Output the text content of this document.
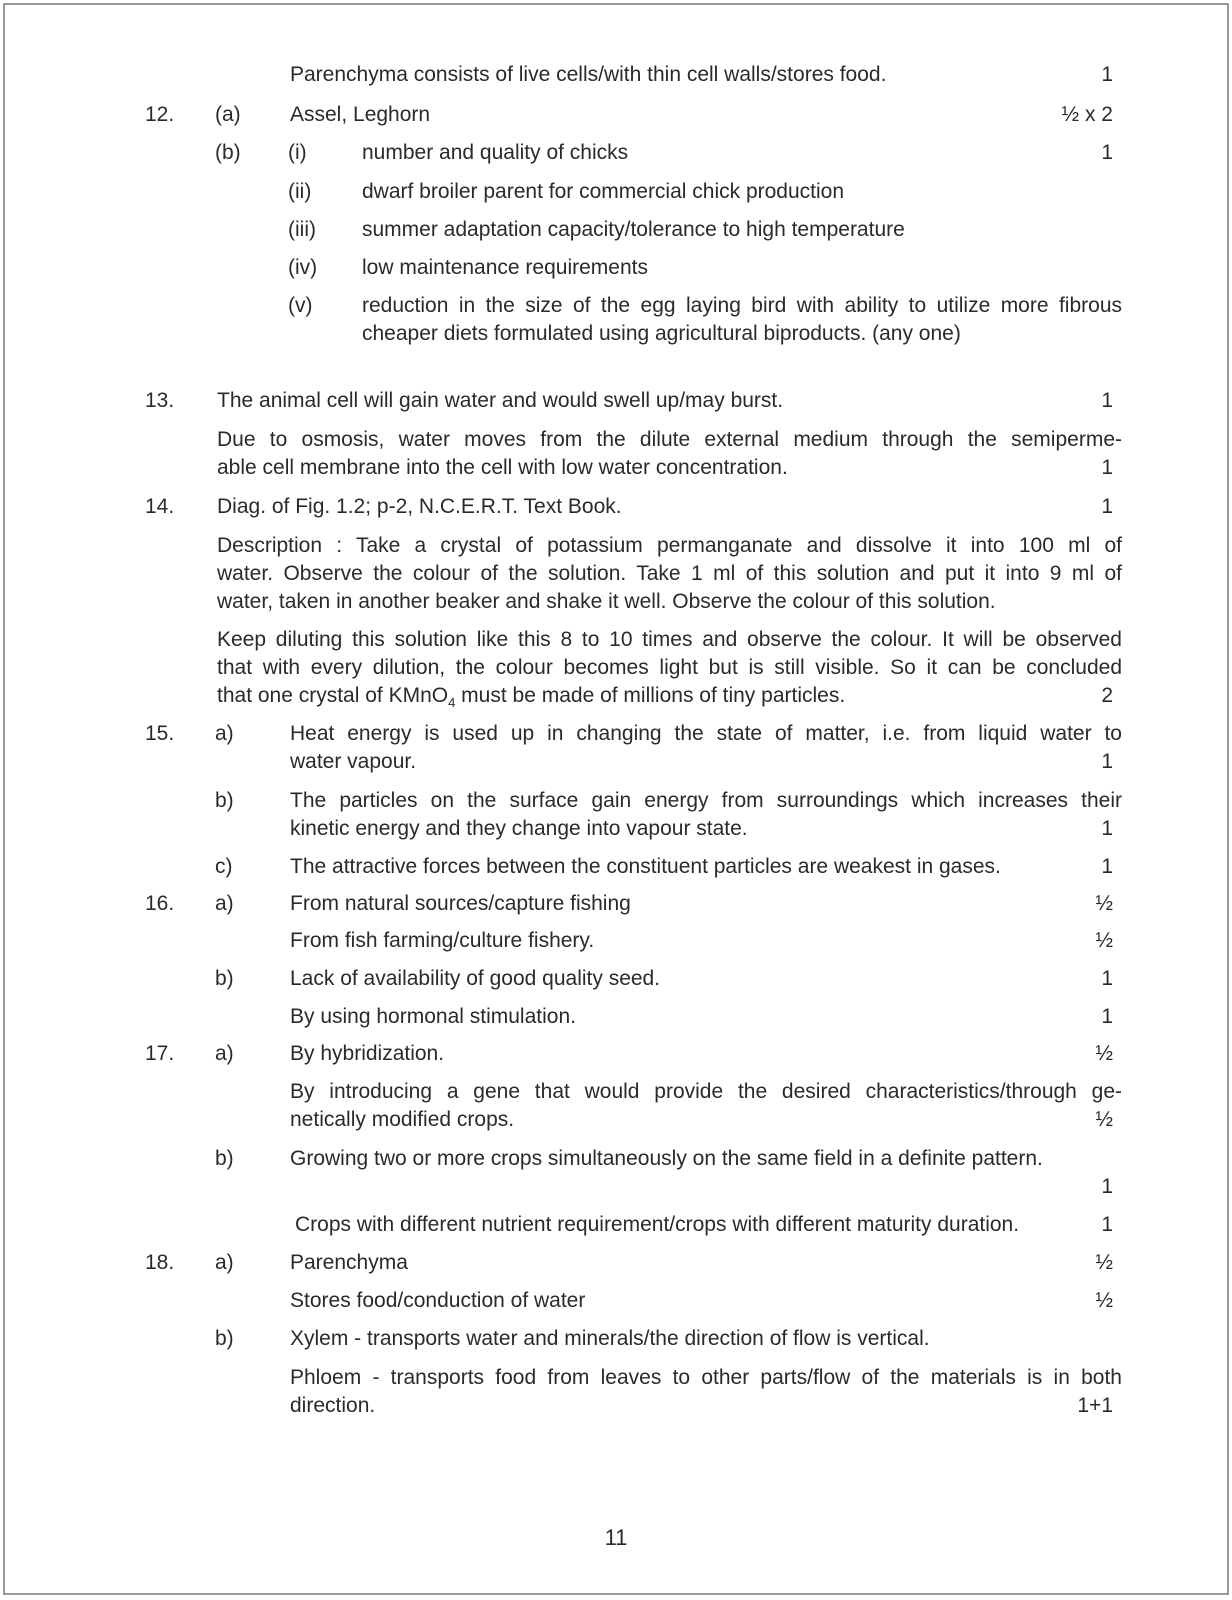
Parenchyma consists of live cells/with thin cell walls/stores food.	1
12. (a) Assel, Leghorn	½ x 2
(b) (i)	number and quality of chicks	1
(ii) dwarf broiler parent for commercial chick production
(iii) summer adaptation capacity/tolerance to high temperature
(iv) low maintenance requirements
(v) reduction in the size of the egg laying bird with ability to utilize more fibrous
cheaper diets formulated using agricultural biproducts. (any one)
13. The animal cell will gain water and would swell up/may burst.	1
Due to osmosis, water moves from the dilute external medium through the semiperme-
able cell membrane into the cell with low water concentration.	1
14. Diag. of Fig. 1.2; p-2, N.C.E.R.T. Text Book.	1
Description : Take a crystal of potassium permanganate and dissolve it into 100 ml of
water. Observe the colour of the solution. Take 1 ml of this solution and put it into 9 ml of
water, taken in another beaker and shake it well. Observe the colour of this solution.
Keep diluting this solution like this 8 to 10 times and observe the colour. It will be observed
that with every dilution, the colour becomes light but is still visible. So it can be concluded
that one crystal of KMnO$_4$ must be made of millions of tiny particles.	2
15. a)	Heat energy is used up in changing the state of matter, i.e. from liquid water to
water vapour.	1
b)	The particles on the surface gain energy from surroundings which increases their
kinetic energy and they change into vapour state.	1
c)	The attractive forces between the constituent particles are weakest in gases.	1
16. a)	From natural sources/capture fishing	½
From fish farming/culture fishery.	½
b)	Lack of availability of good quality seed.	1
By using hormonal stimulation.	1
17. a)	By hybridization.	½
By introducing a gene that would provide the desired characteristics/through ge-
netically modified crops.	½
b)	Growing two or more crops simultaneously on the same field in a definite pattern.
1
Crops with different nutrient requirement/crops with different maturity duration.	1
18. a)	Parenchyma	½
Stores food/conduction of water	½
b)	Xylem - transports water and minerals/the direction of flow is vertical.
Phloem - transports food from leaves to other parts/flow of the materials is in both
direction.	1+1
11
